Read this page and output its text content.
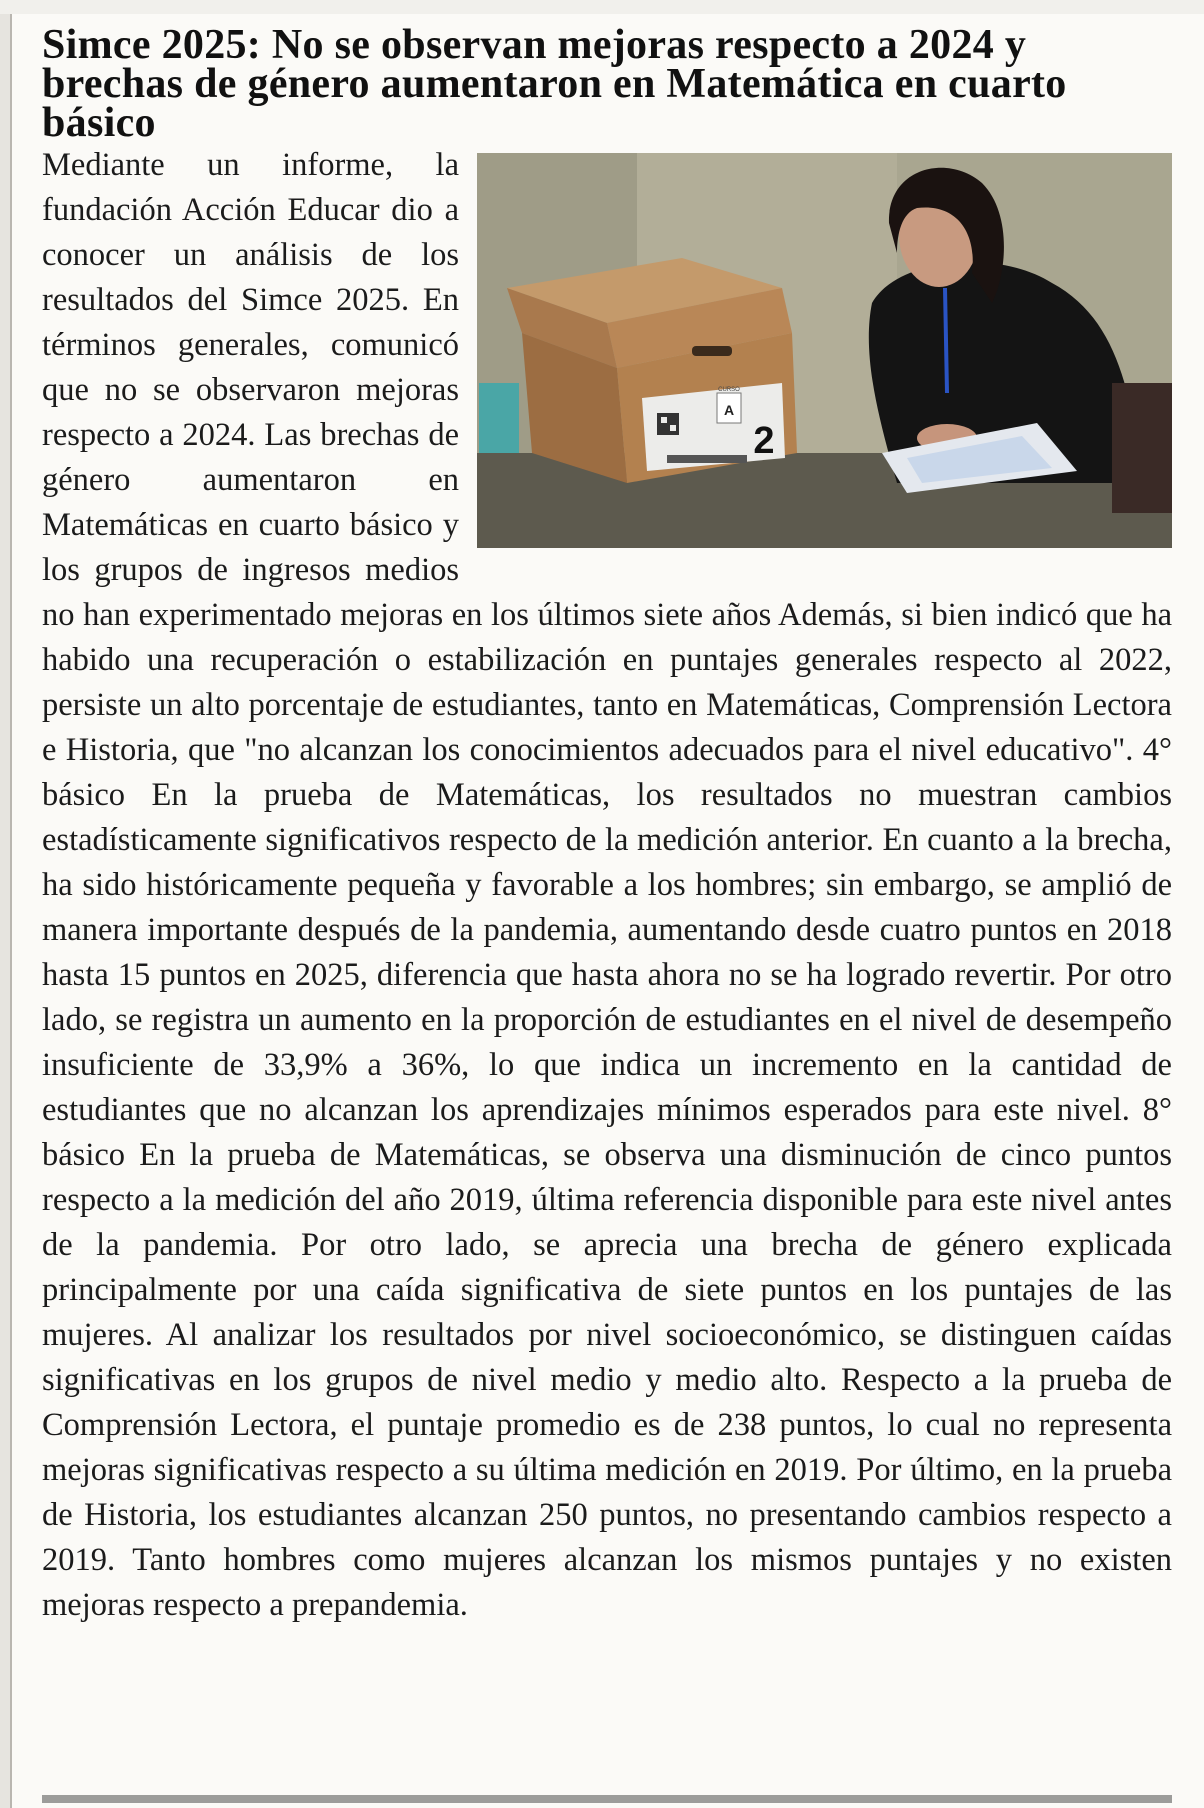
Simce 2025: No se observan mejoras respecto a 2024 y brechas de género aumentaron en Matemática en cuarto básico
A
CURSO
2

Mediante un informe, la fundación Acción Educar dio a conocer un análisis de los resultados del Simce 2025. En términos generales, comunicó que no se observaron mejoras respecto a 2024. Las brechas de género aumentaron en Matemáticas en cuarto básico y los grupos de ingresos medios no han experimentado mejoras en los últimos siete años Además, si bien indicó que ha habido una recuperación o estabilización en puntajes generales respecto al 2022, persiste un alto porcentaje de estudiantes, tanto en Matemáticas, Comprensión Lectora e Historia, que "no alcanzan los conocimientos adecuados para el nivel educativo". 4° básico En la prueba de Matemáticas, los resultados no muestran cambios estadísticamente significativos respecto de la medición anterior. En cuanto a la brecha, ha sido históricamente pequeña y favorable a los hombres; sin embargo, se amplió de manera importante después de la pandemia, aumentando desde cuatro puntos en 2018 hasta 15 puntos en 2025, diferencia que hasta ahora no se ha logrado revertir. Por otro lado, se registra un aumento en la proporción de estudiantes en el nivel de desempeño insuficiente de 33,9% a 36%, lo que indica un incremento en la cantidad de estudiantes que no alcanzan los aprendizajes mínimos esperados para este nivel. 8° básico En la prueba de Matemáticas, se observa una disminución de cinco puntos respecto a la medición del año 2019, última referencia disponible para este nivel antes de la pandemia. Por otro lado, se aprecia una brecha de género explicada principalmente por una caída significativa de siete puntos en los puntajes de las mujeres. Al analizar los resultados por nivel socioeconómico, se distinguen caídas significativas en los grupos de nivel medio y medio alto. Respecto a la prueba de Comprensión Lectora, el puntaje promedio es de 238 puntos, lo cual no representa mejoras significativas respecto a su última medición en 2019. Por último, en la prueba de Historia, los estudiantes alcanzan 250 puntos, no presentando cambios respecto a 2019. Tanto hombres como mujeres alcanzan los mismos puntajes y no existen mejoras respecto a prepandemia.
